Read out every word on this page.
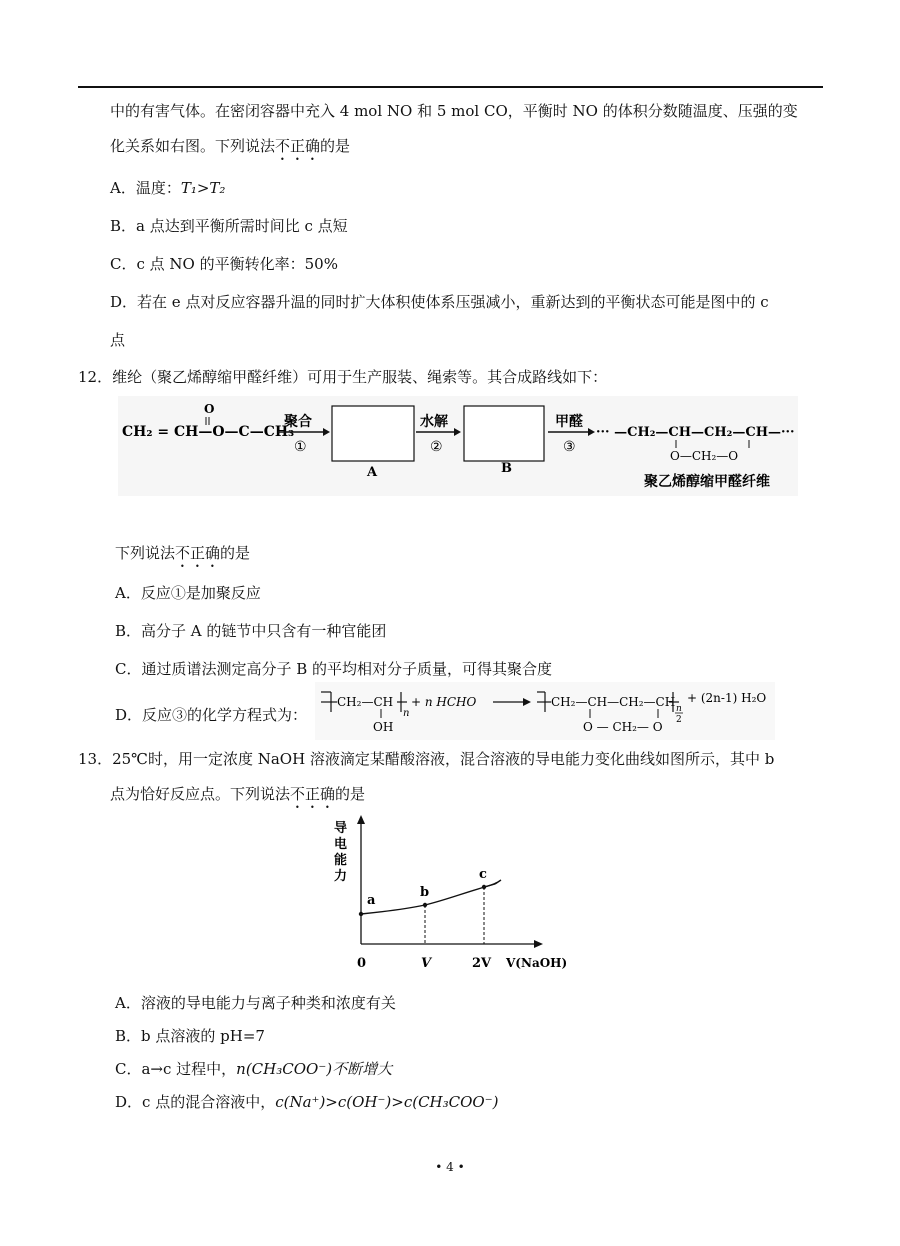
中的有害气体。在密闭容器中充入 4 mol NO 和 5 mol CO，平衡时 NO 的体积分数随温度、压强的变
化关系如右图。下列说法不正确的是
A．温度：T₁>T₂
B．a 点达到平衡所需时间比 c 点短
C．c 点 NO 的平衡转化率：50%
D．若在 e 点对反应容器升温的同时扩大体积使体系压强减小，重新达到的平衡状态可能是图中的 c
点
12．维纶（聚乙烯醇缩甲醛纤维）可用于生产服装、绳索等。其合成路线如下：
O
CH₂ = CH—O—C—CH₃
聚合
①
A
水解
②
B
甲醛
③
··· —CH₂—CH—CH₂—CH—···
O—CH₂—O
聚乙烯醇缩甲醛纤维
下列说法不正确的是
A．反应①是加聚反应
B．高分子 A 的链节中只含有一种官能团
C．通过质谱法测定高分子 B 的平均相对分子质量，可得其聚合度
D．反应③的化学方程式为：
CH₂—CH
n
OH
+ n HCHO	CH₂—CH—CH₂—CH n
2
O — CH₂— O
+ (2n-1) H₂O
13．25℃时，用一定浓度 NaOH 溶液滴定某醋酸溶液，混合溶液的导电能力变化曲线如图所示，其中 b
点为恰好反应点。下列说法不正确的是
导
电
能
力
a
b
c
0	V	2V V(NaOH)
A．溶液的导电能力与离子种类和浓度有关
B．b 点溶液的 pH=7
C．a→c 过程中，n(CH₃COO⁻)不断增大
D．c 点的混合溶液中，c(Na⁺)>c(OH⁻)>c(CH₃COO⁻)
• 4 •
